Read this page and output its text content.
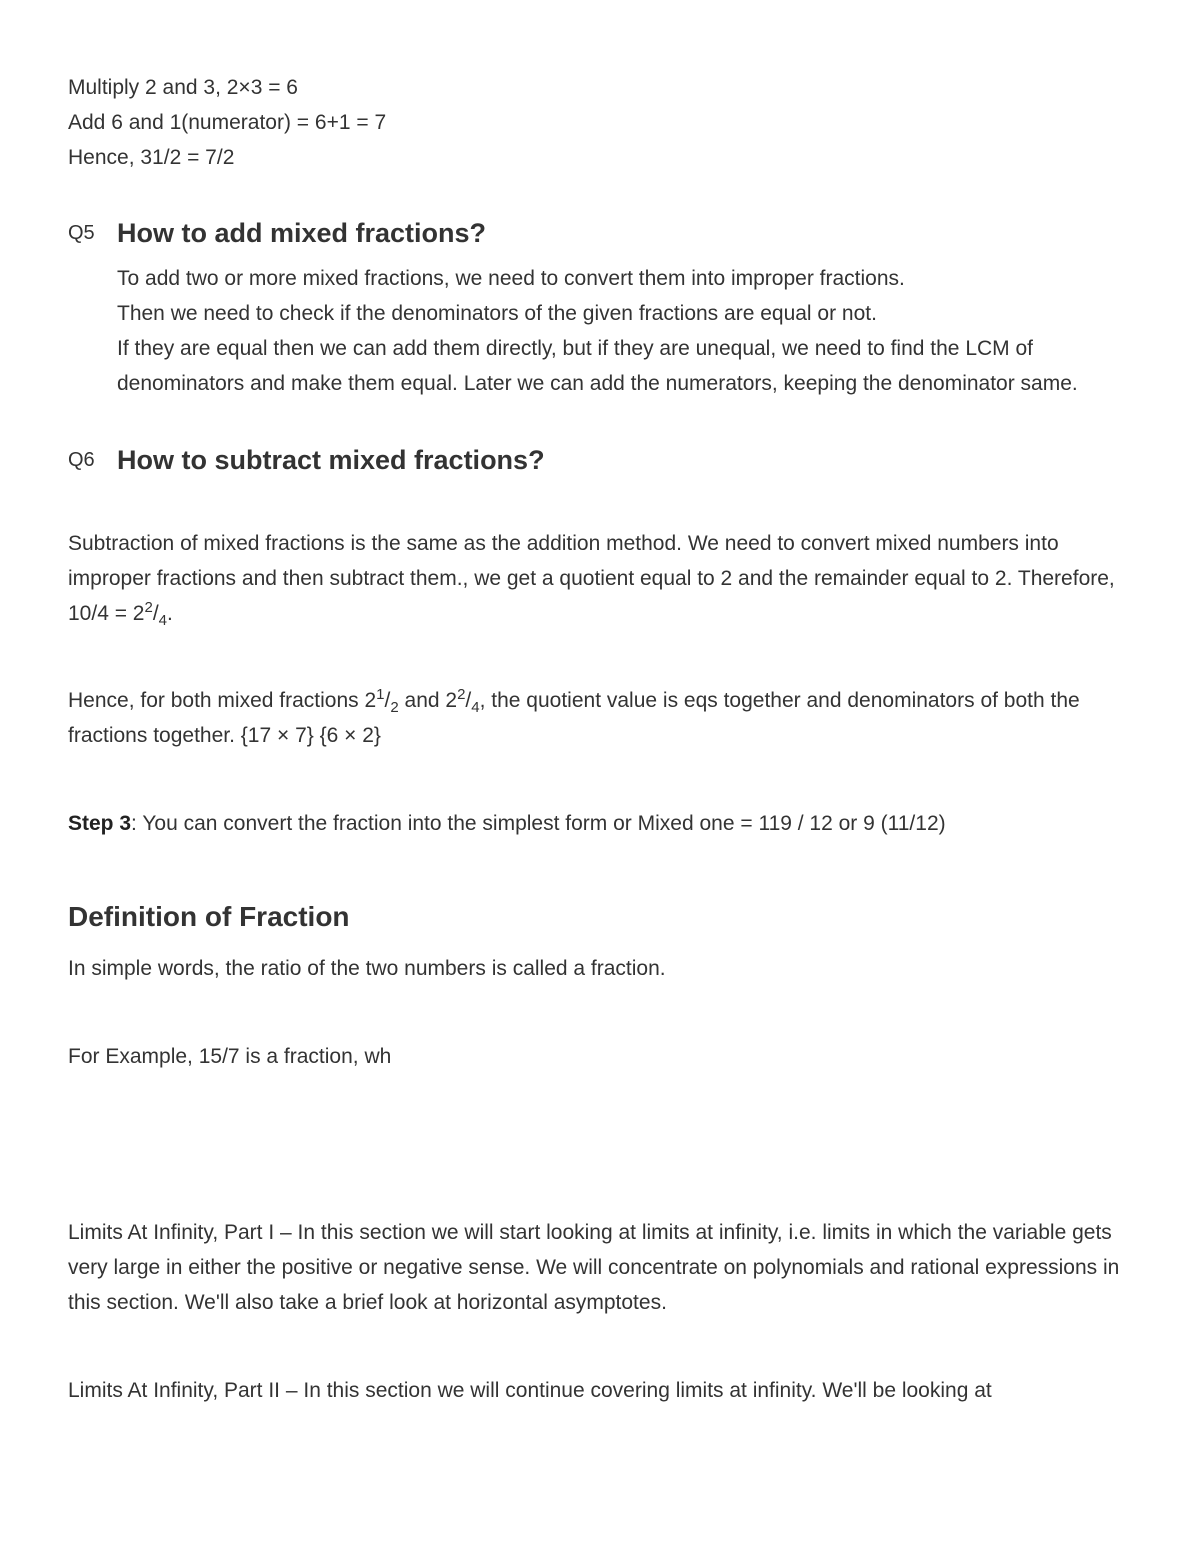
Multiply 2 and 3, 2×3 = 6

Add 6 and 1(numerator) = 6+1 = 7

Hence, 31/2 = 7/2

Q5 How to add mixed fractions?

To add two or more mixed fractions, we need to convert them into improper fractions.

Then we need to check if the denominators of the given fractions are equal or not.

If they are equal then we can add them directly, but if they are unequal, we need to find the LCM of denominators and make them equal. Later we can add the numerators, keeping the denominator same.

Q6 How to subtract mixed fractions?

Subtraction of mixed fractions is the same as the addition method. We need to convert mixed numbers into improper fractions and then subtract them., we get a quotient equal to 2 and the remainder equal to 2. Therefore, $10/4 = 2^2/_4$.

Hence, for both mixed fractions $2^1/_2$ and $2^2/_4$, the quotient value is eqs together and denominators of both the fractions together. {17 × 7} {6 × 2}

Step 3: You can convert the fraction into the simplest form or Mixed one = 119 / 12 or 9 (11/12)

Definition of Fraction

In simple words, the ratio of the two numbers is called a fraction.

For Example, 15/7 is a fraction, wh

Limits At Infinity, Part I – In this section we will start looking at limits at infinity, i.e. limits in which the variable gets very large in either the positive or negative sense. We will concentrate on polynomials and rational expressions in this section. We'll also take a brief look at horizontal asymptotes.

Limits At Infinity, Part II – In this section we will continue covering limits at infinity. We'll be looking at
